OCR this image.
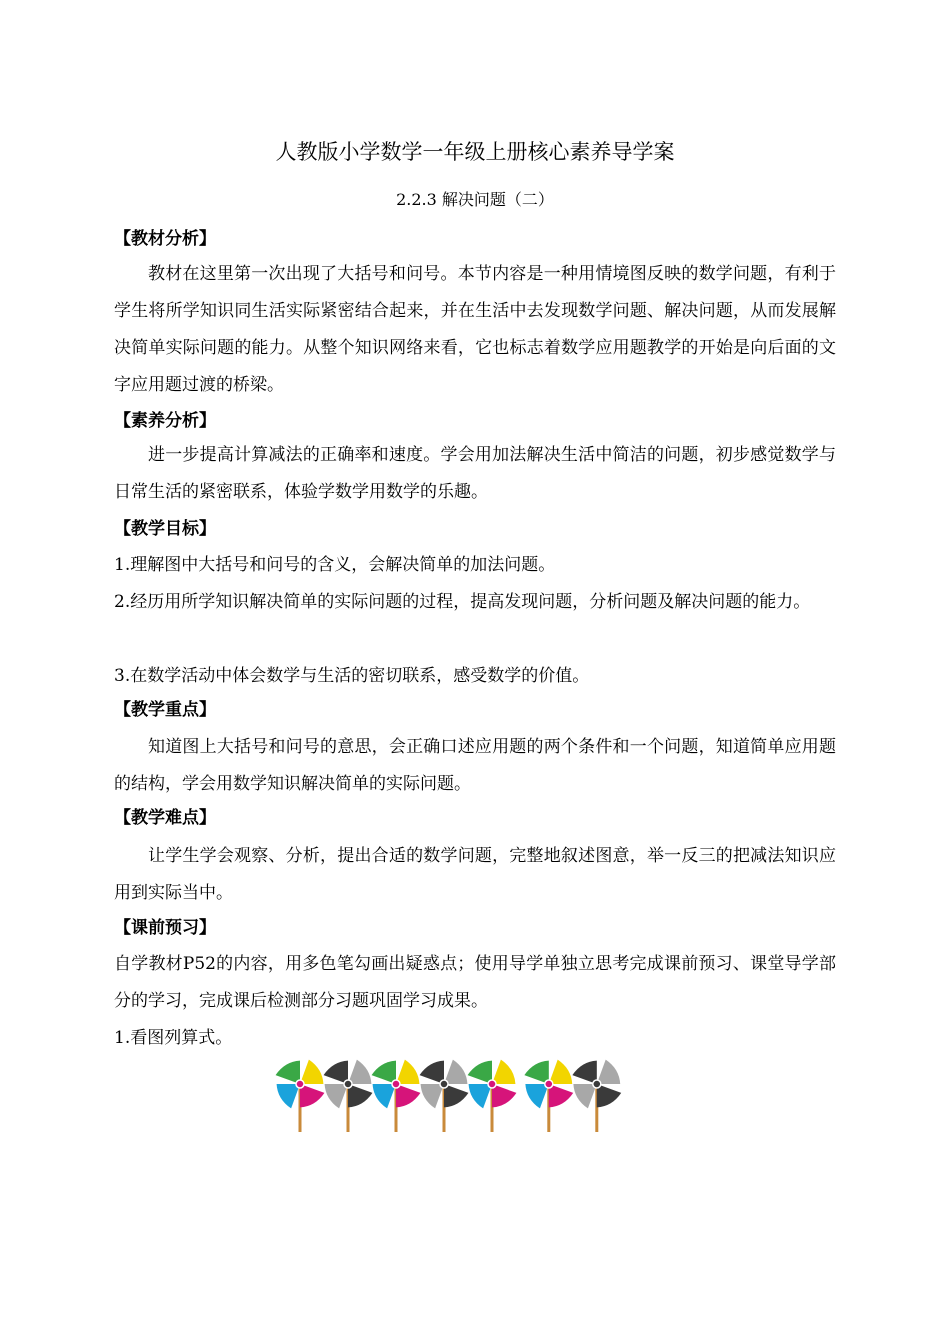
人教版小学数学一年级上册核心素养导学案
2.2.3 解决问题（二）
【教材分析】
教材在这里第一次出现了大括号和问号。本节内容是一种用情境图反映的数学问题，有利于学生将所学知识同生活实际紧密结合起来，并在生活中去发现数学问题、解决问题，从而发展解决简单实际问题的能力。从整个知识网络来看，它也标志着数学应用题教学的开始是向后面的文字应用题过渡的桥梁。
【素养分析】
进一步提高计算减法的正确率和速度。学会用加法解决生活中简洁的问题，初步感觉数学与日常生活的紧密联系，体验学数学用数学的乐趣。
【教学目标】
1.理解图中大括号和问号的含义，会解决简单的加法问题。
2.经历用所学知识解决简单的实际问题的过程，提高发现问题，分析问题及解决问题的能力。
3.在数学活动中体会数学与生活的密切联系，感受数学的价值。
【教学重点】
知道图上大括号和问号的意思，会正确口述应用题的两个条件和一个问题，知道简单应用题的结构，学会用数学知识解决简单的实际问题。
【教学难点】
让学生学会观察、分析，提出合适的数学问题，完整地叙述图意，举一反三的把减法知识应用到实际当中。
【课前预习】
自学教材P52的内容，用多色笔勾画出疑惑点；使用导学单独立思考完成课前预习、课堂导学部分的学习，完成课后检测部分习题巩固学习成果。
1.看图列算式。
